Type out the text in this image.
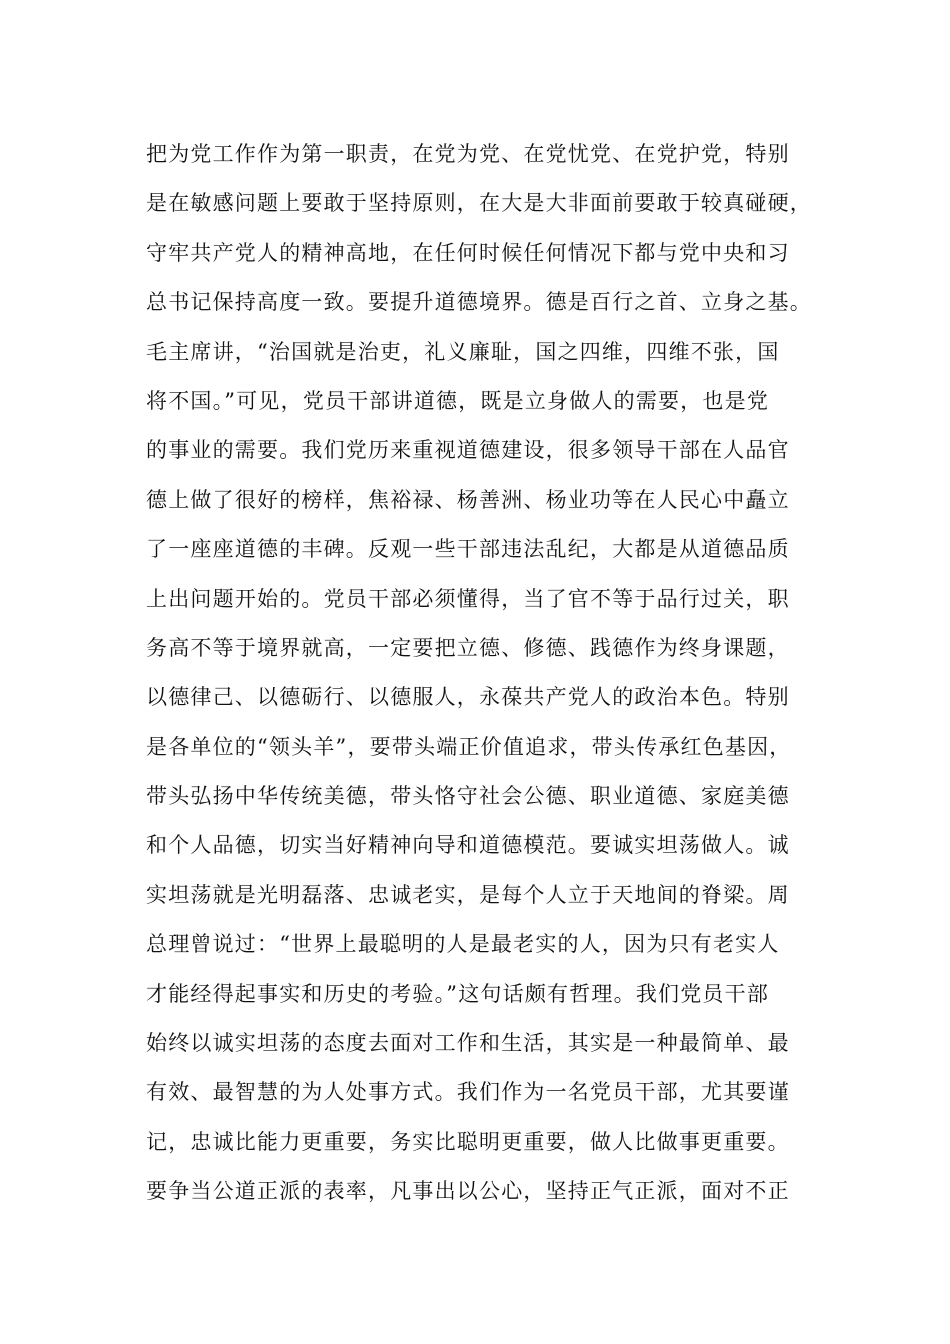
把为党工作作为第一职责，在党为党、在党忧党、在党护党，特别
是在敏感问题上要敢于坚持原则，在大是大非面前要敢于较真碰硬，
守牢共产党人的精神高地，在任何时候任何情况下都与党中央和习
总书记保持高度一致。要提升道德境界。德是百行之首、立身之基。
毛主席讲，“治国就是治吏，礼义廉耻，国之四维，四维不张，国
将不国。”可见，党员干部讲道德，既是立身做人的需要，也是党
的事业的需要。我们党历来重视道德建设，很多领导干部在人品官
德上做了很好的榜样，焦裕禄、杨善洲、杨业功等在人民心中矗立
了一座座道德的丰碑。反观一些干部违法乱纪，大都是从道德品质
上出问题开始的。党员干部必须懂得，当了官不等于品行过关，职
务高不等于境界就高，一定要把立德、修德、践德作为终身课题，
以德律己、以德砺行、以德服人，永葆共产党人的政治本色。特别
是各单位的“领头羊”，要带头端正价值追求，带头传承红色基因，
带头弘扬中华传统美德，带头恪守社会公德、职业道德、家庭美德
和个人品德，切实当好精神向导和道德模范。要诚实坦荡做人。诚
实坦荡就是光明磊落、忠诚老实，是每个人立于天地间的脊梁。周
总理曾说过：“世界上最聪明的人是最老实的人，因为只有老实人
才能经得起事实和历史的考验。”这句话颇有哲理。我们党员干部
始终以诚实坦荡的态度去面对工作和生活，其实是一种最简单、最
有效、最智慧的为人处事方式。我们作为一名党员干部，尤其要谨
记，忠诚比能力更重要，务实比聪明更重要，做人比做事更重要。
要争当公道正派的表率，凡事出以公心，坚持正气正派，面对不正
